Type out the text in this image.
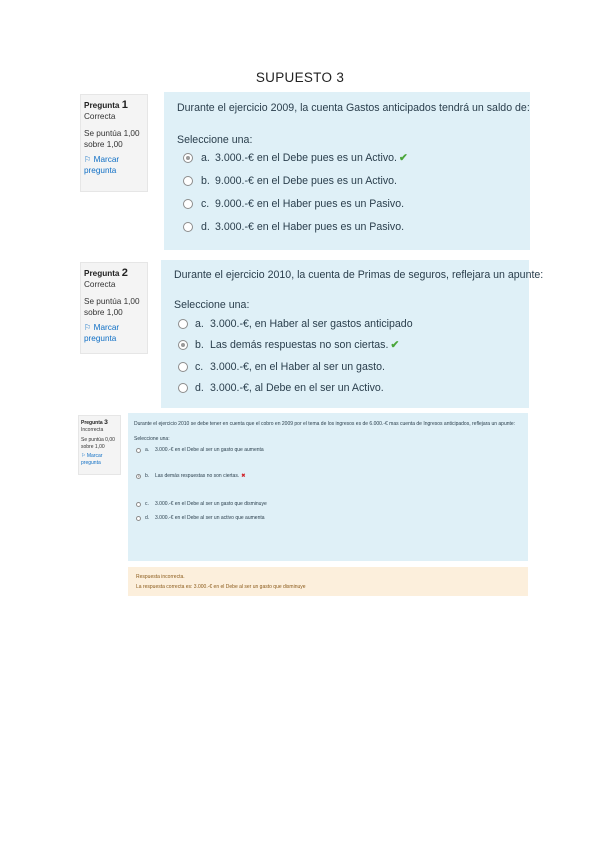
SUPUESTO 3
Pregunta 1
Correcta
Se puntúa 1,00
sobre 1,00
⚐ Marcar
pregunta
Durante el ejercicio 2009, la cuenta Gastos anticipados tendrá un saldo de:
Seleccione una:
a. 3.000.-€ en el Debe pues es un Activo. ✔
b. 9.000.-€ en el Debe pues es un Activo.
c. 9.000.-€ en el Haber pues es un Pasivo.
d. 3.000.-€ en el Haber pues es un Pasivo.
Pregunta 2
Correcta
Se puntúa 1,00
sobre 1,00
⚐ Marcar
pregunta
Durante el ejercicio 2010, la cuenta de Primas de seguros, reflejara un apunte:
Seleccione una:
a. 3.000.-€, en Haber al ser gastos anticipado
b. Las demás respuestas no son ciertas. ✔
c. 3.000.-€, en el Haber al ser un gasto.
d. 3.000.-€, al Debe en el ser un Activo.
Pregunta 3
Incorrecta
Se puntúa 0,00
sobre 1,00
⚐ Marcar
pregunta
Durante el ejercicio 2010 se debe tener en cuenta que el cobro en 2009 por el tema de los ingresos es de 6.000.-€ mas cuenta de Ingresos anticipados, reflejara un apunte:
Seleccione una:
a.	3.000.-€ en el Debe al ser un gasto que aumenta
b.	Las demás respuestas no son ciertas. ✖
c.	3.000.-€ en el Debe al ser un gasto que disminuye
d.	3.000.-€ en el Debe al ser un activo que aumenta
Respuesta incorrecta.
La respuesta correcta es: 3.000.-€ en el Debe al ser un gasto que disminuye
